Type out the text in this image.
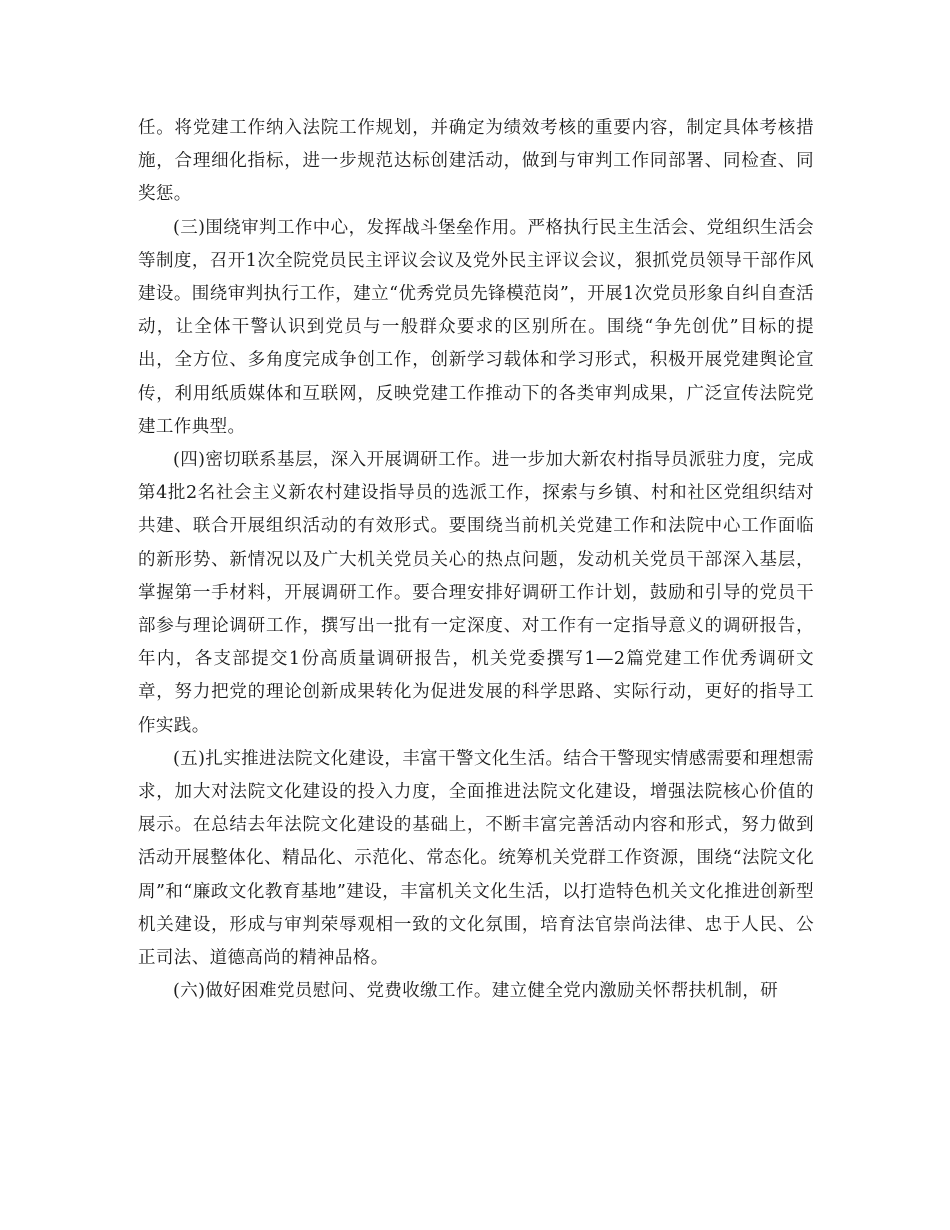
任。将党建工作纳入法院工作规划，并确定为绩效考核的重要内容，制定具体考核措施，合理细化指标，进一步规范达标创建活动，做到与审判工作同部署、同检查、同奖惩。

(三)围绕审判工作中心，发挥战斗堡垒作用。严格执行民主生活会、党组织生活会等制度，召开1次全院党员民主评议会议及党外民主评议会议，狠抓党员领导干部作风建设。围绕审判执行工作，建立“优秀党员先锋模范岗”，开展1次党员形象自纠自查活动，让全体干警认识到党员与一般群众要求的区别所在。围绕“争先创优”目标的提出，全方位、多角度完成争创工作，创新学习载体和学习形式，积极开展党建舆论宣传，利用纸质媒体和互联网，反映党建工作推动下的各类审判成果，广泛宣传法院党建工作典型。

(四)密切联系基层，深入开展调研工作。进一步加大新农村指导员派驻力度，完成第4批2名社会主义新农村建设指导员的选派工作，探索与乡镇、村和社区党组织结对共建、联合开展组织活动的有效形式。要围绕当前机关党建工作和法院中心工作面临的新形势、新情况以及广大机关党员关心的热点问题，发动机关党员干部深入基层，掌握第一手材料，开展调研工作。要合理安排好调研工作计划，鼓励和引导的党员干部参与理论调研工作，撰写出一批有一定深度、对工作有一定指导意义的调研报告，年内，各支部提交1份高质量调研报告，机关党委撰写1—2篇党建工作优秀调研文章，努力把党的理论创新成果转化为促进发展的科学思路、实际行动，更好的指导工作实践。

(五)扎实推进法院文化建设，丰富干警文化生活。结合干警现实情感需要和理想需求，加大对法院文化建设的投入力度，全面推进法院文化建设，增强法院核心价值的展示。在总结去年法院文化建设的基础上，不断丰富完善活动内容和形式，努力做到活动开展整体化、精品化、示范化、常态化。统筹机关党群工作资源，围绕“法院文化周”和“廉政文化教育基地”建设，丰富机关文化生活，以打造特色机关文化推进创新型机关建设，形成与审判荣辱观相一致的文化氛围，培育法官崇尚法律、忠于人民、公正司法、道德高尚的精神品格。

(六)做好困难党员慰问、党费收缴工作。建立健全党内激励关怀帮扶机制，研
